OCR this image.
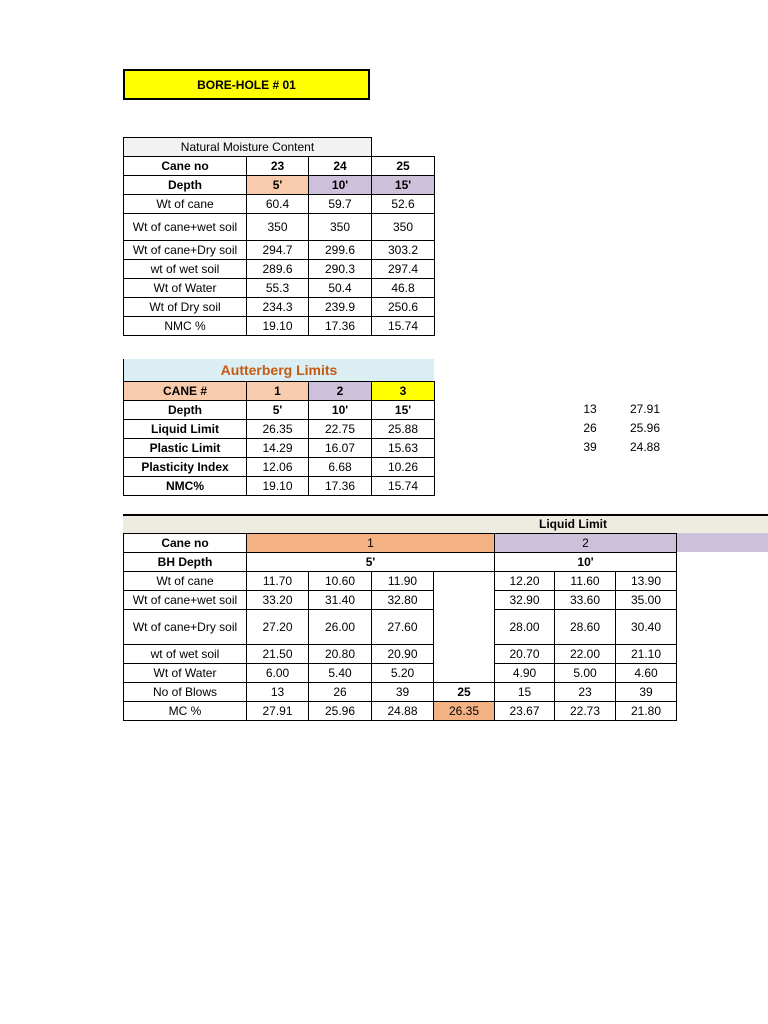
BORE-HOLE # 01
Natural Moisture Content			
Cane no	23	24	25
Depth	5'	10'	15'
Wt of cane	60.4	59.7	52.6
Wt of cane+wet soil	350	350	350
Wt of cane+Dry soil	294.7	299.6	303.2
wt of wet soil	289.6	290.3	297.4
Wt of Water	55.3	50.4	46.8
Wt of Dry soil	234.3	239.9	250.6
NMC %	19.10	17.36	15.74
Autterberg Limits
CANE #	1	2	3
Depth	5'	10'	15'
Liquid Limit	26.35	22.75	25.88
Plastic Limit	14.29	16.07	15.63
Plasticity Index	12.06	6.68	10.26
NMC%	19.10	17.36	15.74
13	27.91
26	25.96
39	24.88
Liquid Limit
Cane no	1				2		
BH Depth	5'				10'		
Wt of cane	11.70	10.60	11.90		12.20	11.60	13.90
Wt of cane+wet soil	33.20	31.40	32.80		32.90	33.60	35.00
Wt of cane+Dry soil	27.20	26.00	27.60		28.00	28.60	30.40
wt of wet soil	21.50	20.80	20.90		20.70	22.00	21.10
Wt of Water	6.00	5.40	5.20		4.90	5.00	4.60
No of Blows	13	26	39	25	15	23	39
MC %	27.91	25.96	24.88	26.35	23.67	22.73	21.80
